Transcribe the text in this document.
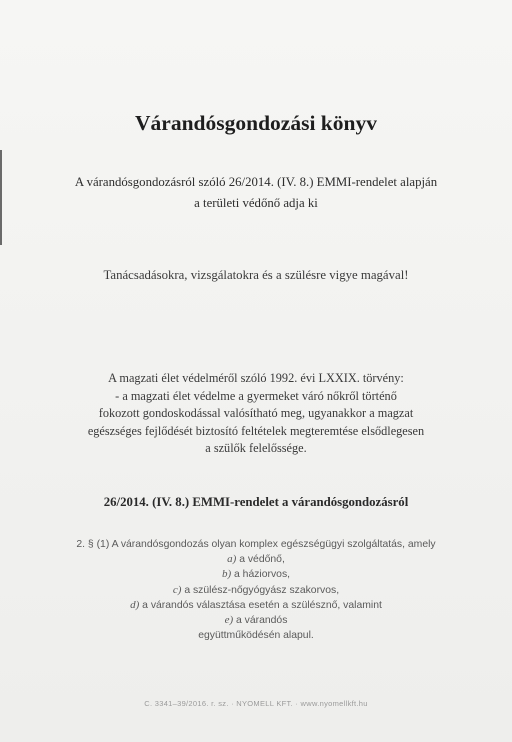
Várandósgondozási könyv
A várandósgondozásról szóló 26/2014. (IV. 8.) EMMI-rendelet alapján
a területi védőnő adja ki
Tanácsadásokra, vizsgálatokra és a szülésre vigye magával!
A magzati élet védelméről szóló 1992. évi LXXIX. törvény:
- a magzati élet védelme a gyermeket váró nőkről történő
fokozott gondoskodással valósítható meg, ugyanakkor a magzat
egészséges fejlődését biztosító feltételek megteremtése elsődlegesen
a szülők felelőssége.
26/2014. (IV. 8.) EMMI-rendelet a várandósgondozásról
2. § (1) A várandósgondozás olyan komplex egészségügyi szolgáltatás, amely
a) a védőnő,
b) a háziorvos,
c) a szülész-nőgyógyász szakorvos,
d) a várandós választása esetén a szülésznő, valamint
e) a várandós
együttműködésén alapul.
C. 3341–39/2016. r. sz. · NYOMELL KFT. · www.nyomellkft.hu
